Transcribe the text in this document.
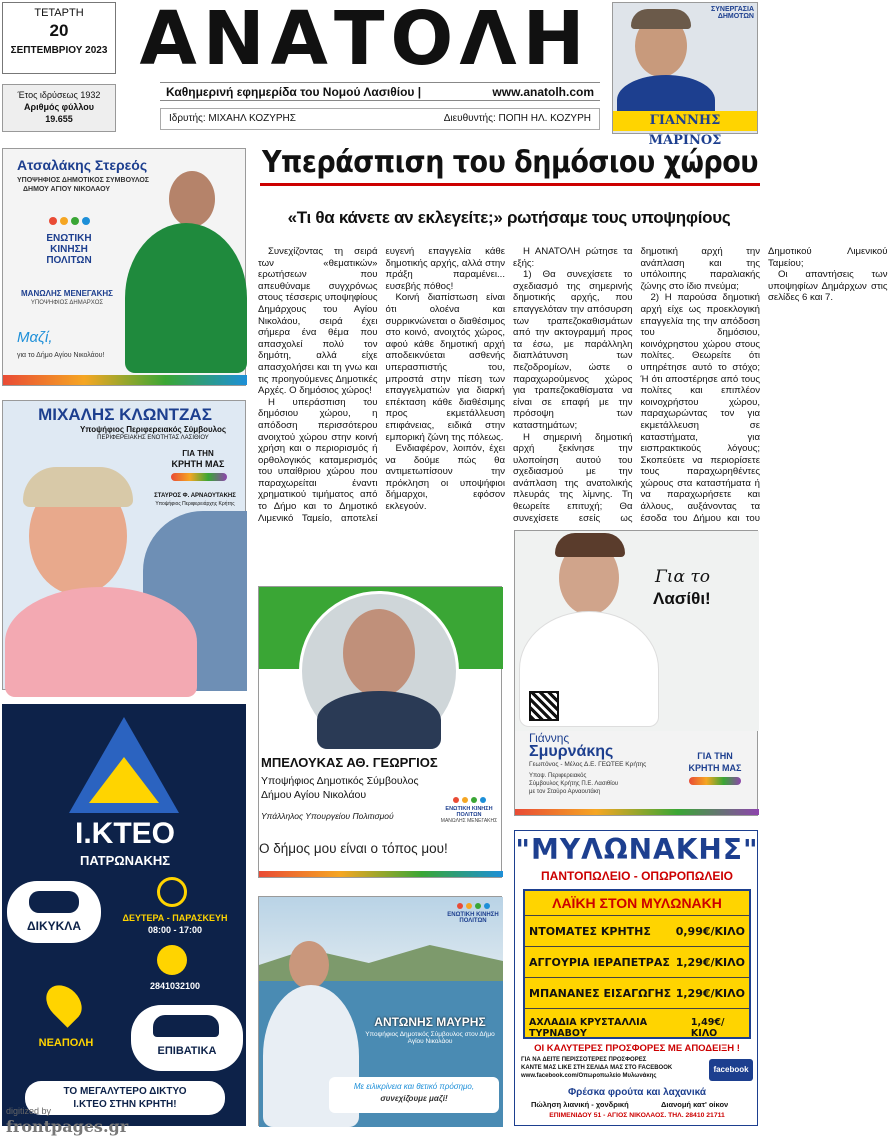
ΤΕΤΑΡΤΗ
20
ΣΕΠΤΕΜΒΡΙΟΥ 2023
Έτος ιδρύσεως 1932
Αριθμός φύλλου
19.655
ΑΝΑΤΟΛΗ
Καθημερινή εφημερίδα του Νομού Λασιθίου |	www.anatolh.com
Ιδρυτής: ΜΙΧΑΗΛ ΚΟΖΥΡΗΣ	Διευθυντής: ΠΟΠΗ ΗΛ. ΚΟΖΥΡΗ
ΣΥΝΕΡΓΑΣΙΑ ΔΗΜΟΤΩΝ
ΓΙΑΝΝΗΣ ΜΑΡΙΝΟΣ
Υπεράσπιση του δημόσιου χώρου
«Τι θα κάνετε αν εκλεγείτε;» ρωτήσαμε τους υποψηφίους

Συνεχίζοντας τη σειρά των «θεματικών» ερωτήσεων που απευθύναμε συγχρόνως στους τέσσερις υποψηφίους Δημάρχους του Αγίου Νικολάου, σειρά έχει σήμερα ένα θέμα που απασχολεί πολύ τον δημότη, αλλά είχε απασχολήσει και τη γνω και τις προηγούμενες Δημοτικές Αρχές. Ο δημόσιος χώρος!

Η υπεράσπιση του δημόσιου χώρου, η απόδοση περισσότερου ανοιχτού χώρου στην κοινή χρήση και ο περιορισμός ή ορθολογικός καταμερισμός του υπαίθριου χώρου που παραχωρείται έναντι χρηματικού τιμήματος από το Δήμο και το Δημοτικό Λιμενικό Ταμείο, αποτελεί ευγενή επαγγελία κάθε δημοτικής αρχής, αλλά στην πράξη παραμένει... ευσεβής πόθος!

Κοινή διαπίστωση είναι ότι ολοένα και συρρικνώνεται ο διαθέσιμος στο κοινό, ανοιχτός χώρος, αφού κάθε δημοτική αρχή αποδεικνύεται ασθενής υπερασπιστής του, μπροστά στην πίεση των επαγγελματιών για διαρκή επέκταση κάθε διαθέσιμης προς εκμετάλλευση επιφάνειας, ειδικά στην εμπορική ζώνη της πόλεως.

Ενδιαφέρον, λοιπόν, έχει να δούμε πώς θα αντιμετωπίσουν την πρόκληση οι υποψήφιοι δήμαρχοι, εφόσον εκλεγούν.

Η ΑΝΑΤΟΛΗ ρώτησε τα εξής:

1) Θα συνεχίσετε το σχεδιασμό της σημερινής δημοτικής αρχής, που επαγγελόταν την απόσυρση των τραπεζοκαθισμάτων από την ακτογραμμή προς τα έσω, με παράλληλη διαπλάτυνση των πεζοδρομίων, ώστε ο παραχωρούμενος χώρος για τραπεζοκαθίσματα να είναι σε επαφή με την πρόσοψη των καταστημάτων;

Η σημερινή δημοτική αρχή ξεκίνησε την υλοποίηση αυτού του σχεδιασμού με την ανάπλαση της ανατολικής πλευράς της λίμνης. Τη θεωρείτε επιτυχή; Θα συνεχίσετε εσείς ως δημοτική αρχή την ανάπλαση και της υπόλοιπης παραλιακής ζώνης στο ίδιο πνεύμα;

2) Η παρούσα δημοτική αρχή είχε ως προεκλογική επαγγελία της την απόδοση του δημόσιου, κοινόχρηστου χώρου στους πολίτες. Θεωρείτε ότι υπηρέτησε αυτό το στόχο; Ή ότι αποστέρησε από τους πολίτες και επιπλέον κοινοχρήστου χώρου, παραχωρώντας τον για εκμετάλλευση σε καταστήματα, για εισπρακτικούς λόγους; Σκοπεύετε να περιορίσετε τους παραχωρηθέντες χώρους στα καταστήματα ή να παραχωρήσετε και άλλους, αυξάνοντας τα έσοδα του Δήμου και του Δημοτικού Λιμενικού Ταμείου;

Οι απαντήσεις των υποψηφίων Δημάρχων στις σελίδες 6 και 7.

Ατσαλάκης Στερεός
ΥΠΟΨΗΦΙΟΣ ΔΗΜΟΤΙΚΟΣ ΣΥΜΒΟΥΛΟΣ
ΔΗΜΟΥ ΑΓΙΟΥ ΝΙΚΟΛΑΟΥ
ΕΝΩΤΙΚΗ
ΚΙΝΗΣΗ
ΠΟΛΙΤΩΝ
ΜΑΝΩΛΗΣ ΜΕΝΕΓΑΚΗΣ
ΥΠΟΨΗΦΙΟΣ ΔΗΜΑΡΧΟΣ
Μαζί,
για το Δήμο Αγίου Νικολάου!
ΜΙΧΑΛΗΣ ΚΛΩΝΤΖΑΣ
Υποψήφιος Περιφερειακός Σύμβουλος
ΠΕΡΙΦΕΡΕΙΑΚΗΣ ΕΝΟΤΗΤΑΣ ΛΑΣΙΘΙΟΥ
ΓΙΑ ΤΗΝ
ΚΡΗΤΗ ΜΑΣ
ΣΤΑΥΡΟΣ Φ. ΑΡΝΑΟΥΤΑΚΗΣ
Υποψήφιος Περιφερειάρχης Κρήτης
Ι.ΚΤΕΟ
ΠΑΤΡΩΝΑΚΗΣ
ΔΙΚΥΚΛΑ
ΔΕΥΤΕΡΑ - ΠΑΡΑΣΚΕΥΗ
08:00 - 17:00
2841032100
ΝΕΑΠΟΛΗ
ΕΠΙΒΑΤΙΚΑ
ΤΟ ΜΕΓΑΛΥΤΕΡΟ ΔΙΚΤΥΟ
Ι.ΚΤΕΟ ΣΤΗΝ ΚΡΗΤΗ!
ΜΠΕΛΟΥΚΑΣ ΑΘ. ΓΕΩΡΓΙΟΣ
Υποψήφιος Δημοτικός Σύμβουλος
Δήμου Αγίου Νικολάου
Υπάλληλος Υπουργείου Πολιτισμού
ΕΝΩΤΙΚΗ ΚΙΝΗΣΗ ΠΟΛΙΤΩΝ
ΜΑΝΩΛΗΣ ΜΕΝΕΓΑΚΗΣ
Ο δήμος μου είναι ο τόπος μου!
ΕΝΩΤΙΚΗ ΚΙΝΗΣΗ ΠΟΛΙΤΩΝ
ΑΝΤΩΝΗΣ ΜΑΥΡΗΣ
Υποψήφιος Δημοτικός Σύμβουλος στον Δήμο Αγίου Νικολάου
Με ειλικρίνεια και θετικό πρόσημο,
συνεχίζουμε μαζί!
Για το
Λασίθι!
Γιάννης
Σμυρνάκης
Γεωπόνος - Μέλος Δ.Ε. ΓΕΩΤΕΕ Κρήτης
Υποψ. Περιφερειακός
Σύμβουλος Κρήτης Π.Ε. Λασιθίου
με τον Σταύρο Αρναουτάκη
ΓΙΑ ΤΗΝ
ΚΡΗΤΗ ΜΑΣ
"ΜΥΛΩΝΑΚΗΣ"
ΠΑΝΤΟΠΩΛΕΙΟ - ΟΠΩΡΟΠΩΛΕΙΟ
ΛΑΪΚΗ ΣΤΟΝ ΜΥΛΩΝΑΚΗ
ΝΤΟΜΑΤΕΣ ΚΡΗΤΗΣ 0,99€/ΚΙΛΟ
ΑΓΓΟΥΡΙΑ ΙΕΡΑΠΕΤΡΑΣ 1,29€/ΚΙΛΟ
ΜΠΑΝΑΝΕΣ ΕΙΣΑΓΩΓΗΣ 1,29€/ΚΙΛΟ
ΑΧΛΑΔΙΑ ΚΡΥΣΤΑΛΛΙΑ ΤΥΡΝΑΒΟΥ
1,49€/ΚΙΛΟ
ΟΙ ΚΑΛΥΤΕΡΕΣ ΠΡΟΣΦΟΡΕΣ ΜΕ ΑΠΟΔΕΙΞΗ !
ΓΙΑ ΝΑ ΔΕΙΤΕ ΠΕΡΙΣΣΟΤΕΡΕΣ ΠΡΟΣΦΟΡΕΣ
ΚΑΝΤΕ ΜΑΣ LIKE ΣΤΗ ΣΕΛΙΔΑ ΜΑΣ ΣΤΟ FACEBOOK
www.facebook.com/Οπωροπωλείο Μυλωνάκης
facebook
Φρέσκα φρούτα και λαχανικά
Πώληση λιανική - χονδρική	Διανομή κατ' οίκον
ΕΠΙΜΕΝΙΔΟΥ 51 - ΑΓΙΟΣ ΝΙΚΟΛΑΟΣ. ΤΗΛ. 28410 21711
digitized by
frontpages.gr
